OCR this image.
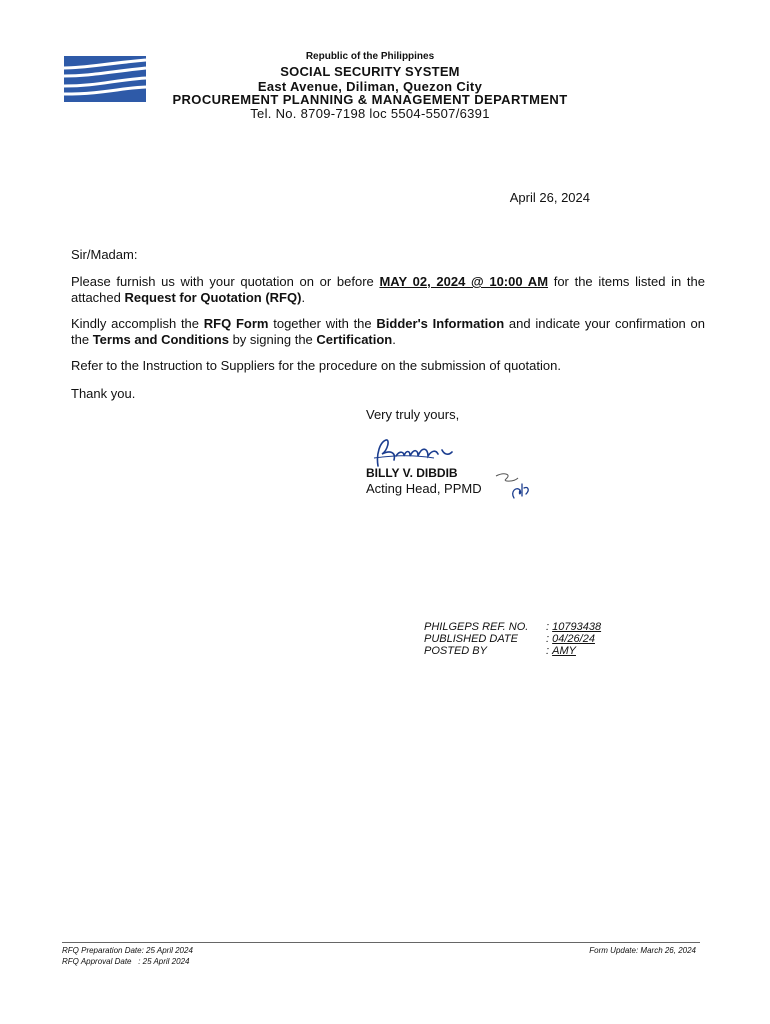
Republic of the Philippines
SOCIAL SECURITY SYSTEM
East Avenue, Diliman, Quezon City
PROCUREMENT PLANNING & MANAGEMENT DEPARTMENT
Tel. No. 8709-7198 loc 5504-5507/6391
April 26, 2024
Sir/Madam:
Please furnish us with your quotation on or before MAY 02, 2024 @ 10:00 AM for the items listed in the attached Request for Quotation (RFQ).
Kindly accomplish the RFQ Form together with the Bidder's Information and indicate your confirmation on the Terms and Conditions by signing the Certification.
Refer to the Instruction to Suppliers for the procedure on the submission of quotation.
Thank you.
Very truly yours,
BILLY V. DIBDIB
Acting Head, PPMD
PHILGEPS REF. NO.	:
10793438
PUBLISHED DATE	:
04/26/24
POSTED BY	:
AMY
RFQ Preparation Date: 25 April 2024
RFQ Approval Date : 25 April 2024
Form Update: March 26, 2024
